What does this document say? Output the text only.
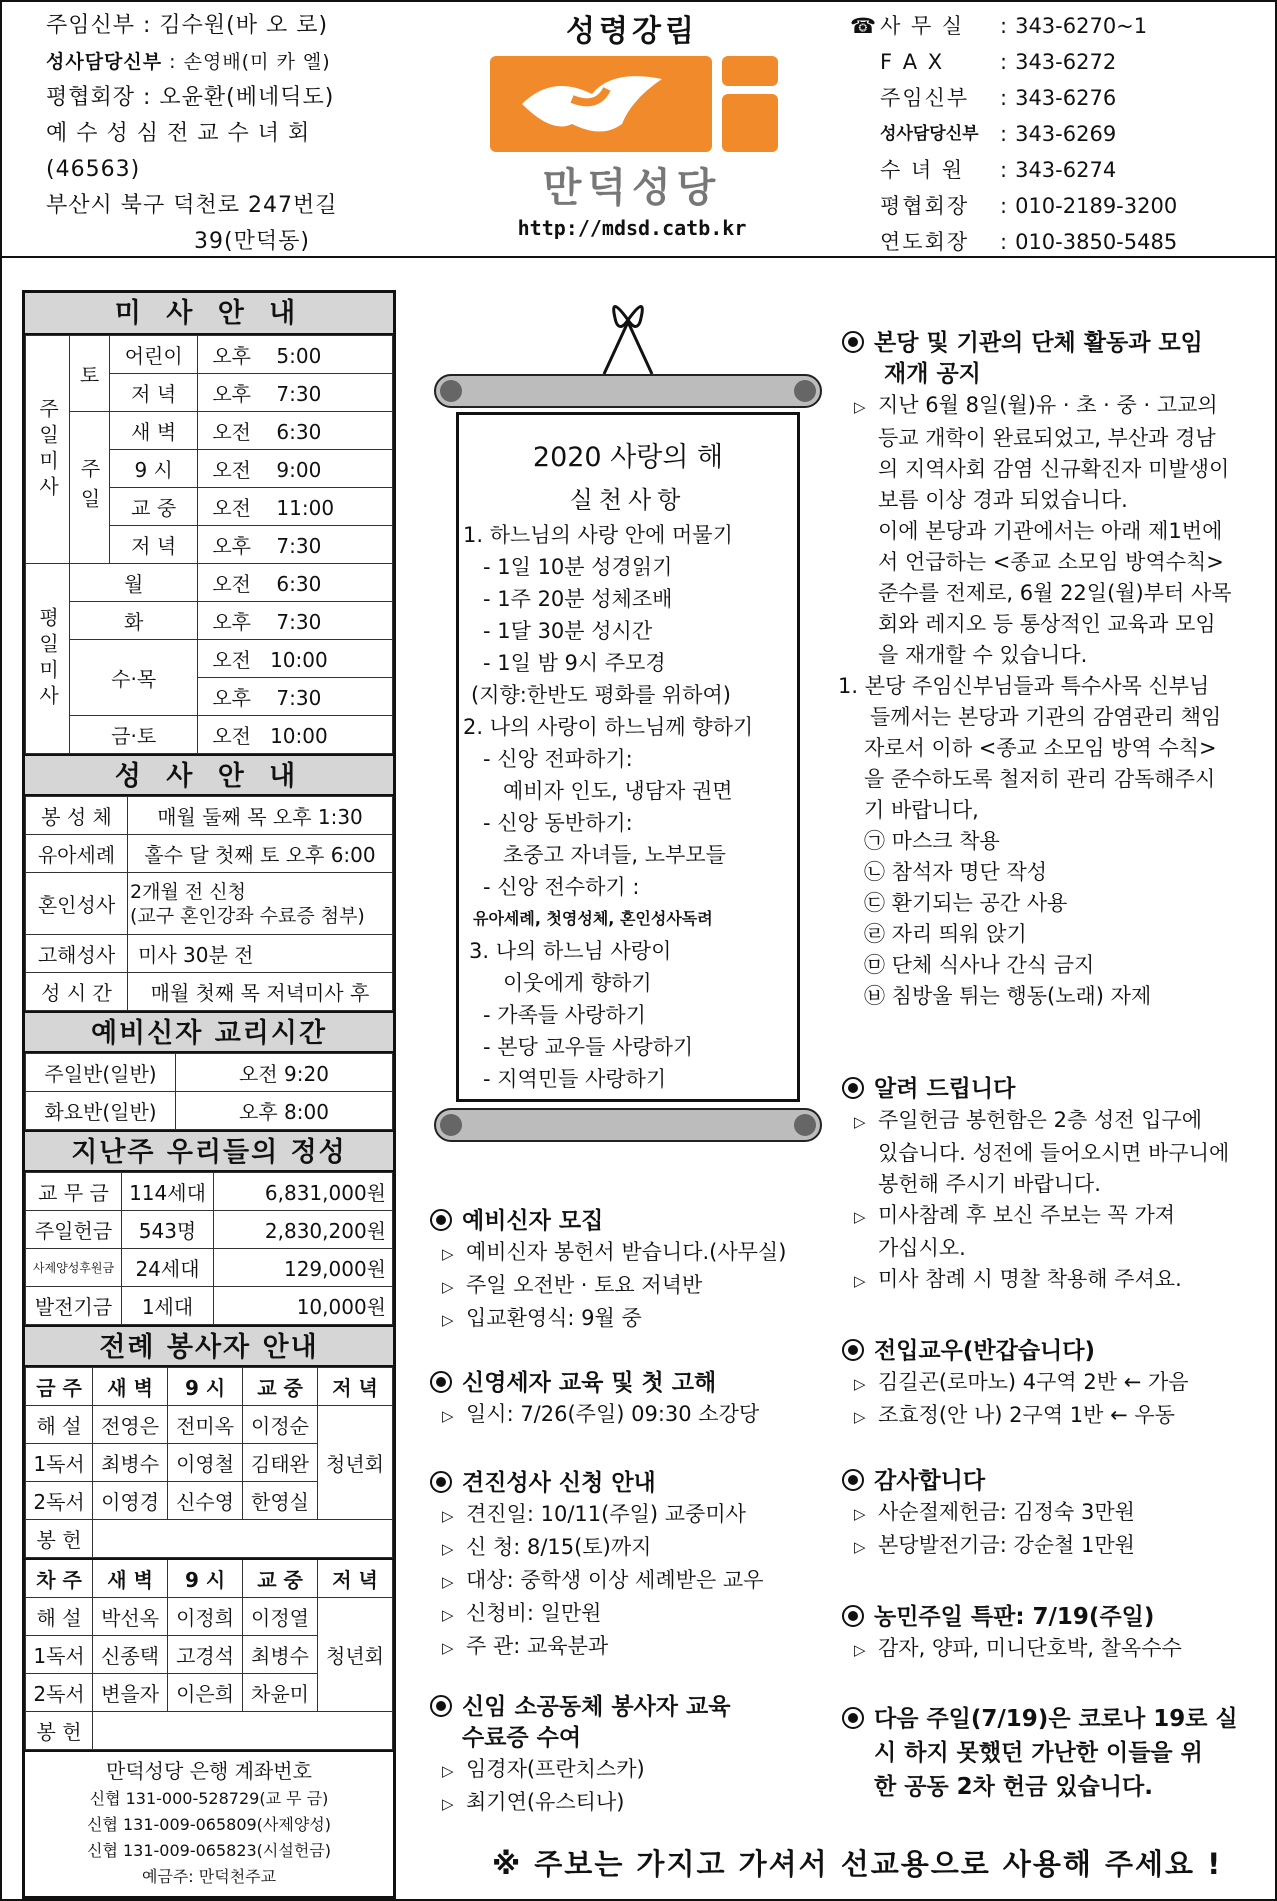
주임신부 : 김수원(바 오 로)
성사담당신부 : 손영배(미 카 엘)
평협회장 : 오윤환(베네딕도)
예 수 성 심 전 교 수 녀 회
(46563)
부산시 북구 덕천로 247번길
39(만덕동)
성령강림
만덕성당
http://mdsd.catb.kr
☎ 사 무 실	: 343-6270~1
F A X	: 343-6272
주임신부	: 343-6276
성사담당신부	: 343-6269
수 녀 원	: 343-6274
평협회장	: 010-2189-3200
연도회장	: 010-3850-5485
미 사 안 내
주일미사	토	어린이	오후 5:00
		저 녁	오후 7:30
	주일	새 벽	오전 6:30
		9 시	오전 9:00
		교 중	오전 11:00
		저 녁	오후 7:30
평일미사	월		오전 6:30
	화		오후 7:30
	수·목		오전 10:00
			오후 7:30
	금·토		오전 10:00
성 사 안 내
봉 성 체	매월 둘째 목 오후 1:30
유아세례	홀수 달 첫째 토 오후 6:00
혼인성사	2개월 전 신청
(교구 혼인강좌 수료증 첨부)

고해성사	미사 30분 전
성 시 간	매월 첫째 목 저녁미사 후
예비신자 교리시간
주일반(일반)	오전 9:20
화요반(일반)	오후 8:00
지난주 우리들의 정성
교 무 금	114세대	6,831,000원
주일헌금	543명	2,830,200원
사제양성후원금	24세대	129,000원
발전기금	1세대	10,000원
전례 봉사자 안내
금 주	새 벽	9 시	교 중	저 녁
해 설	전영은	전미옥	이정순	청년회
1독서	최병수	이영철	김태완	
2독서	이영경	신수영	한영실	
봉 헌				
차 주	새 벽	9 시	교 중	저 녁
해 설	박선옥	이정희	이정열	청년회
1독서	신종택	고경석	최병수	
2독서	변을자	이은희	차윤미	
봉 헌				
만덕성당 은행 계좌번호
신협 131-000-528729(교 무 금)
신협 131-009-065809(사제양성)
신협 131-009-065823(시설헌금)
예금주: 만덕천주교
2020 사랑의 해
실천사항
1. 하느님의 사랑 안에 머물기
- 1일 10분 성경읽기
- 1주 20분 성체조배
- 1달 30분 성시간
- 1일 밤 9시 주모경
(지향:한반도 평화를 위하여)
2. 나의 사랑이 하느님께 향하기
- 신앙 전파하기:
예비자 인도, 냉담자 권면
- 신앙 동반하기:
초중고 자녀들, 노부모들
- 신앙 전수하기 :
유아세례, 첫영성체, 혼인성사독려
3. 나의 하느님 사랑이
이웃에게 향하기
- 가족들 사랑하기
- 본당 교우들 사랑하기
- 지역민들 사랑하기
예비신자 모집
▷ 예비신자 봉헌서 받습니다.(사무실)
▷ 주일 오전반 · 토요 저녁반
▷ 입교환영식: 9월 중
신영세자 교육 및 첫 고해
▷ 일시: 7/26(주일) 09:30 소강당
견진성사 신청 안내
▷ 견진일: 10/11(주일) 교중미사
▷ 신 청: 8/15(토)까지
▷ 대상: 중학생 이상 세례받은 교우
▷ 신청비: 일만원
▷ 주 관: 교육분과
신임 소공동체 봉사자 교육
수료증 수여
▷ 임경자(프란치스카)
▷ 최기연(유스티나)
본당 및 기관의 단체 활동과 모임
재개 공지
▷ 지난 6월 8일(월)유 · 초 · 중 · 고교의
등교 개학이 완료되었고, 부산과 경남
의 지역사회 감염 신규확진자 미발생이
보름 이상 경과 되었습니다.
이에 본당과 기관에서는 아래 제1번에
서 언급하는 <종교 소모임 방역수칙>
준수를 전제로, 6월 22일(월)부터 사목
회와 레지오 등 통상적인 교육과 모임
을 재개할 수 있습니다.
1. 본당 주임신부님들과 특수사목 신부님
들께서는 본당과 기관의 감염관리 책임
자로서 이하 <종교 소모임 방역 수칙>
을 준수하도록 철저히 관리 감독해주시
기 바랍니다,
㉠ 마스크 착용
㉡ 참석자 명단 작성
㉢ 환기되는 공간 사용
㉣ 자리 띄워 앉기
㉤ 단체 식사나 간식 금지
㉥ 침방울 튀는 행동(노래) 자제
알려 드립니다
▷ 주일헌금 봉헌함은 2층 성전 입구에
있습니다. 성전에 들어오시면 바구니에
봉헌해 주시기 바랍니다.
▷ 미사참례 후 보신 주보는 꼭 가져
가십시오.
▷ 미사 참례 시 명찰 착용해 주셔요.
전입교우(반갑습니다)
▷ 김길곤(로마노) 4구역 2반 ← 가음
▷ 조효정(안 나) 2구역 1반 ← 우동
감사합니다
▷ 사순절제헌금: 김정숙 3만원
▷ 본당발전기금: 강순철 1만원
농민주일 특판: 7/19(주일)
▷ 감자, 양파, 미니단호박, 찰옥수수
다음 주일(7/19)은 코로나 19로 실
시 하지 못했던 가난한 이들을 위
한 공동 2차 헌금 있습니다.
※ 주보는 가지고 가셔서 선교용으로 사용해 주세요 !
